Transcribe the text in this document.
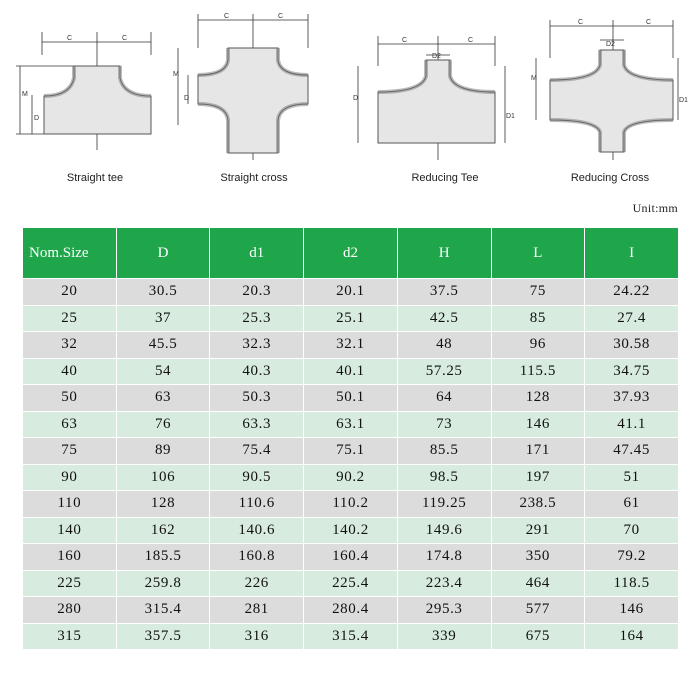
C	C
M
D
Straight tee
C	C
M
D
Straight cross
C	C
D2
D
D1
Reducing Tee
C	C
D2
M
D1
Reducing Cross
Unit:mm
Nom.Size	D	d1	d2	H	L	I
20	30.5	20.3	20.1	37.5	75	24.22
25	37	25.3	25.1	42.5	85	27.4
32	45.5	32.3	32.1	48	96	30.58
40	54	40.3	40.1	57.25	115.5	34.75
50	63	50.3	50.1	64	128	37.93
63	76	63.3	63.1	73	146	41.1
75	89	75.4	75.1	85.5	171	47.45
90	106	90.5	90.2	98.5	197	51
110	128	110.6	110.2	119.25	238.5	61
140	162	140.6	140.2	149.6	291	70
160	185.5	160.8	160.4	174.8	350	79.2
225	259.8	226	225.4	223.4	464	118.5
280	315.4	281	280.4	295.3	577	146
315	357.5	316	315.4	339	675	164
